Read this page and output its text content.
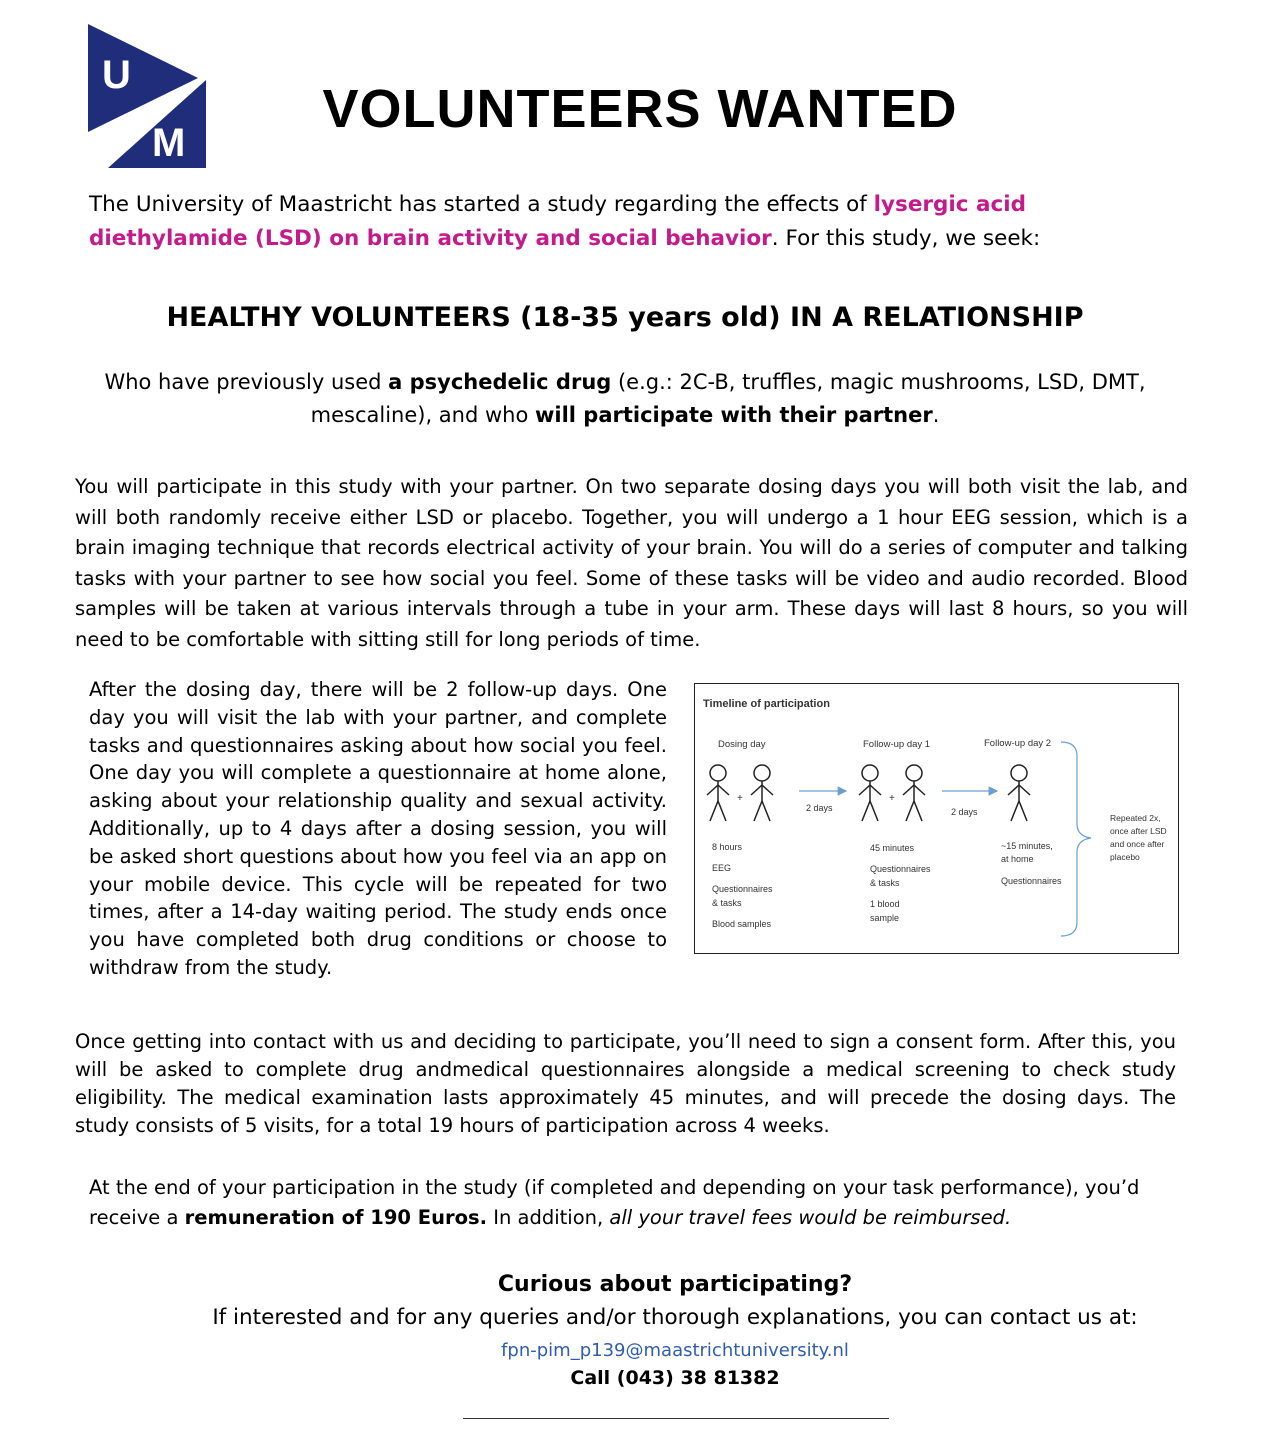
U
M
VOLUNTEERS WANTED
The University of Maastricht has started a study regarding the effects of lysergic acid diethylamide (LSD) on brain activity and social behavior. For this study, we seek:
HEALTHY VOLUNTEERS (18-35 years old) IN A RELATIONSHIP
Who have previously used a psychedelic drug (e.g.: 2C-B, truffles, magic mushrooms, LSD, DMT, mescaline), and who will participate with their partner.
You will participate in this study with your partner. On two separate dosing days you will both visit the lab, and will both randomly receive either LSD or placebo. Together, you will undergo a 1 hour EEG session, which is a brain imaging technique that records electrical activity of your brain. You will do a series of computer and talking tasks with your partner to see how social you feel. Some of these tasks will be video and audio recorded. Blood samples will be taken at various intervals through a tube in your arm. These days will last 8 hours, so you will need to be comfortable with sitting still for long periods of time.
After the dosing day, there will be 2 follow-up days. One day you will visit the lab with your partner, and complete tasks and questionnaires asking about how social you feel. One day you will complete a questionnaire at home alone, asking about your relationship quality and sexual activity. Additionally, up to 4 days after a dosing session, you will be asked short questions about how you feel via an app on your mobile device. This cycle will be repeated for two times, after a 14-day waiting period. The study ends once you have completed both drug conditions or choose to withdraw from the study.
Timeline of participation
Dosing day
+
8 hours
EEG
Questionnaires
& tasks
Blood samples
2 days
Follow-up day 1
+
45 minutes
Questionnaires
& tasks
1 blood
sample
2 days
Follow-up day 2
~15 minutes,
at home
Questionnaires
Repeated 2x,
once after LSD
and once after
placebo
Once getting into contact with us and deciding to participate, you’ll need to sign a consent form. After this, you will be asked to complete drug andmedical questionnaires alongside a medical screening to check study eligibility. The medical examination lasts approximately 45 minutes, and will precede the dosing days. The study consists of 5 visits, for a total 19 hours of participation across 4 weeks.
At the end of your participation in the study (if completed and depending on your task performance), you’d receive a remuneration of 190 Euros. In addition, all your travel fees would be reimbursed.
Curious about participating?
If interested and for any queries and/or thorough explanations, you can contact us at:
fpn-pim_p139@maastrichtuniversity.nl
Call (043) 38 81382
